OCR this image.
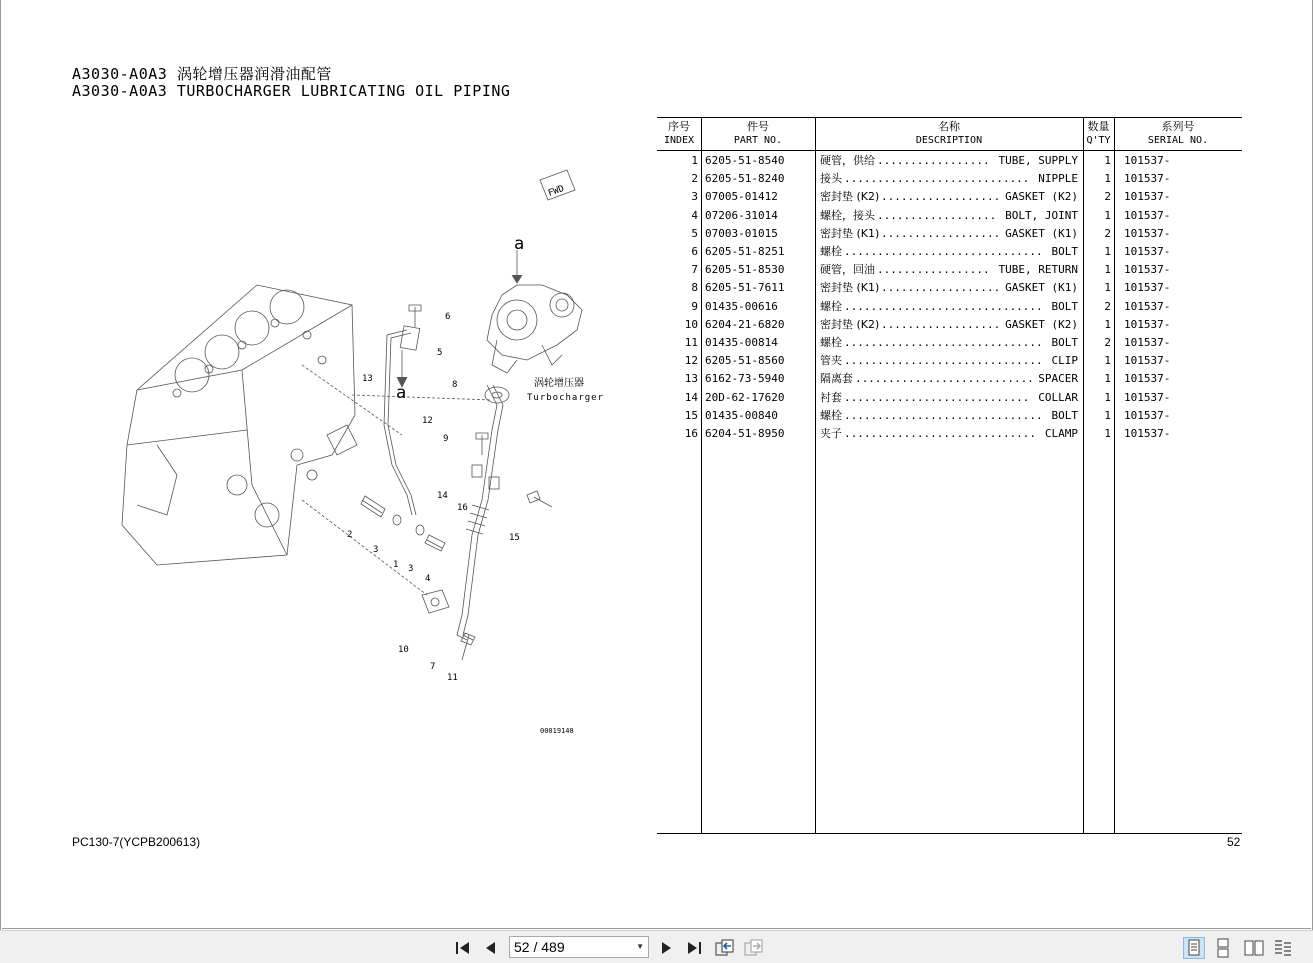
A3030-A0A3 涡轮增压器润滑油配管
A3030-A0A3 TURBOCHARGER LUBRICATING OIL PIPING
FWD
a
a	涡轮增压器
Turbocharger
00019148
1
2
3
3
4
5
6
7
8
9
10
11
12
13
14
15
16
序号
INDEX
件号
PART NO.
名称
DESCRIPTION
数量
Q'TY
系列号
SERIAL NO.
1 6205-51-8540	硬管，供给 ................. TUBE, SUPPLY	1 101537-
2 6205-51-8240	接头 ............................ NIPPLE	1 101537-
3 07005-01412	密封垫 (K2) .................. GASKET (K2)	2 101537-
4 07206-31014	螺栓，接头 .................. BOLT, JOINT	1 101537-
5 07003-01015	密封垫 (K1) .................. GASKET (K1)	2 101537-
6 6205-51-8251	螺栓 .............................. BOLT	1 101537-
7 6205-51-8530	硬管，回油 ................. TUBE, RETURN	1 101537-
8 6205-51-7611	密封垫 (K1) .................. GASKET (K1)	1 101537-
9 01435-00616	螺栓 .............................. BOLT	2 101537-
10 6204-21-6820	密封垫 (K2) .................. GASKET (K2)	1 101537-
11 01435-00814	螺栓 .............................. BOLT	2 101537-
12 6205-51-8560	管夹 .............................. CLIP	1 101537-
13 6162-73-5940	隔离套 ........................... SPACER	1 101537-
14 20D-62-17620	衬套 ............................ COLLAR	1 101537-
15 01435-00840	螺栓 .............................. BOLT	1 101537-
16 6204-51-8950	夹子 ............................. CLAMP	1 101537-
PC130-7(YCPB200613)	52
52 / 489	▼
